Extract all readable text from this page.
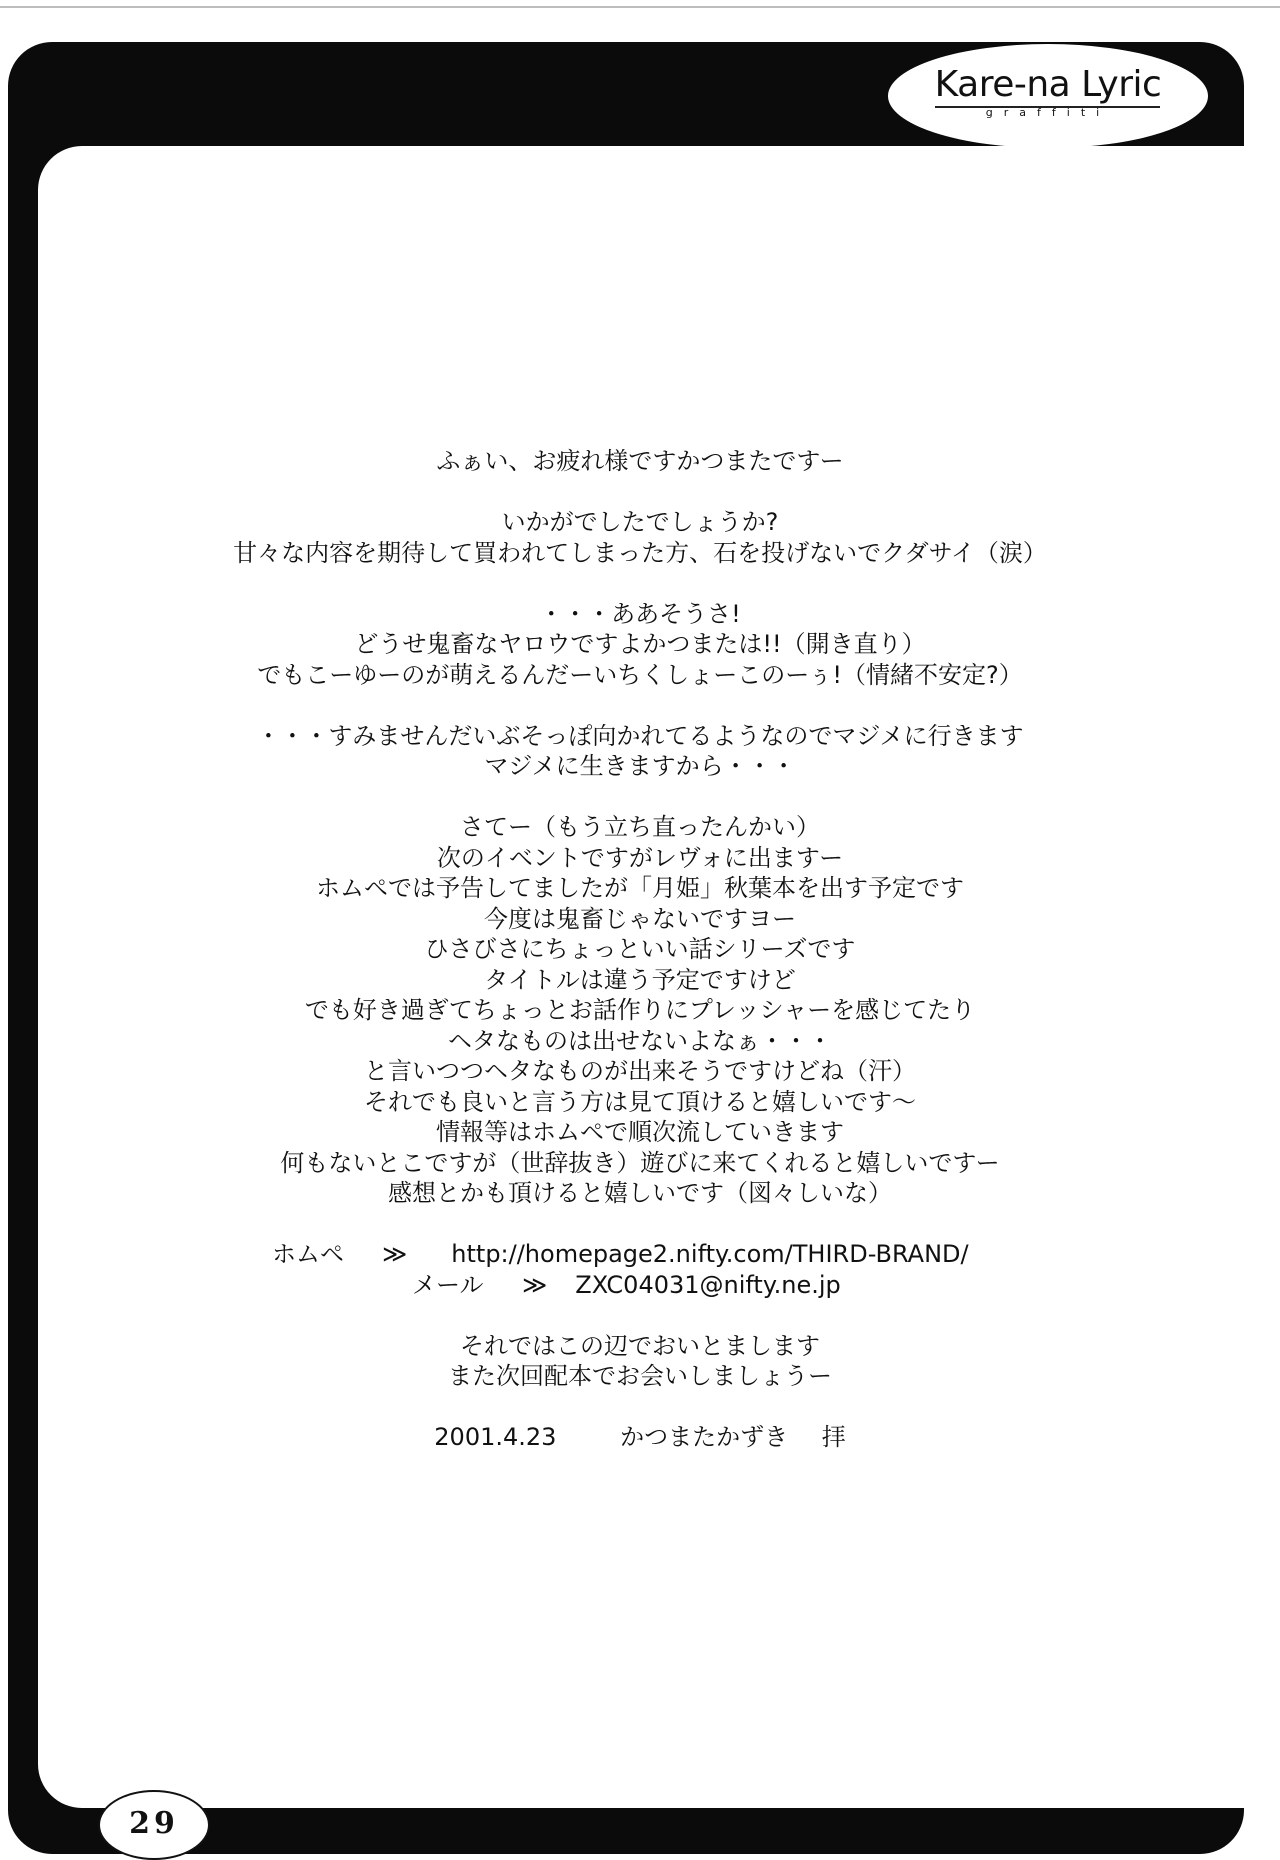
Kare-na Lyric
graffiti
ふぁい、お疲れ様ですかつまたですー
いかがでしたでしょうか?
甘々な内容を期待して買われてしまった方、石を投げないでクダサイ（涙）
・・・ああそうさ!
どうせ鬼畜なヤロウですよかつまたは!!（開き直り）
でもこーゆーのが萌えるんだーいちくしょーこのーぅ!（情緒不安定?）
・・・すみませんだいぶそっぽ向かれてるようなのでマジメに行きます
マジメに生きますから・・・
さてー（もう立ち直ったんかい）
次のイベントですがレヴォに出ますー
ホムペでは予告してましたが「月姫」秋葉本を出す予定です
今度は鬼畜じゃないですヨー
ひさびさにちょっといい話シリーズです
タイトルは違う予定ですけど
でも好き過ぎてちょっとお話作りにプレッシャーを感じてたり
ヘタなものは出せないよなぁ・・・
と言いつつヘタなものが出来そうですけどね（汗）
それでも良いと言う方は見て頂けると嬉しいです～
情報等はホムペで順次流していきます
何もないとこですが（世辞抜き）遊びに来てくれると嬉しいですー
感想とかも頂けると嬉しいです（図々しいな）
ホムペ ≫ http://homepage2.nifty.com/THIRD-BRAND/
メール ≫ ZXC04031@nifty.ne.jp
それではこの辺でおいとまします
また次回配本でお会いしましょうー
2001.4.23	かつまたかずき 拝
29
